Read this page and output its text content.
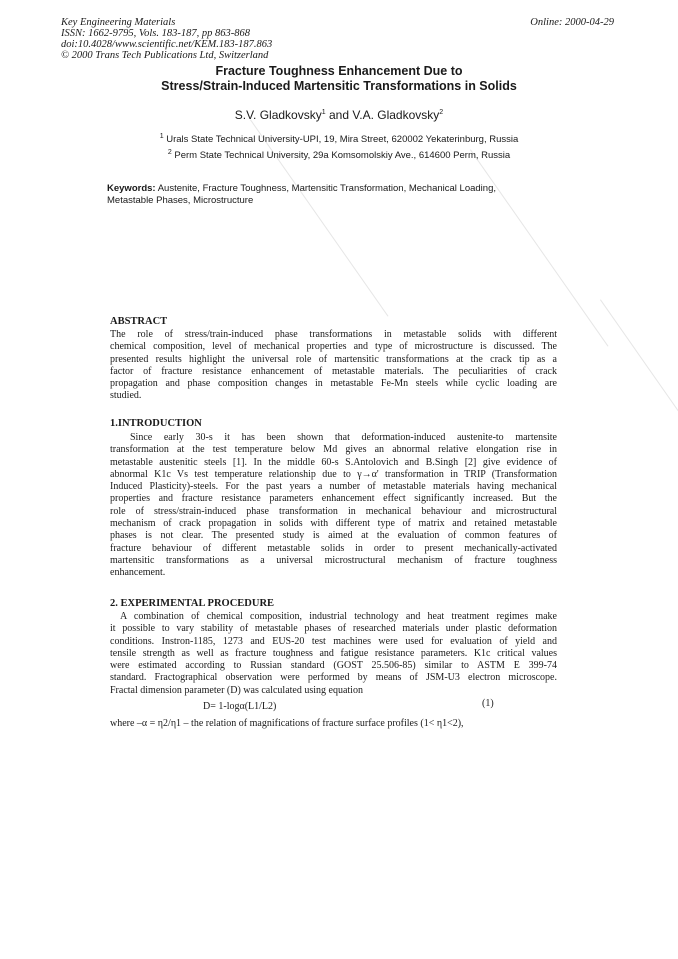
Key Engineering Materials
ISSN: 1662-9795, Vols. 183-187, pp 863-868
doi:10.4028/www.scientific.net/KEM.183-187.863
© 2000 Trans Tech Publications Ltd, Switzerland
Online: 2000-04-29
Fracture Toughness Enhancement Due to
Stress/Strain-Induced Martensitic Transformations in Solids
S.V. Gladkovsky$^1$ and V.A. Gladkovsky$^2$
$^1$ Urals State Technical University-UPI, 19, Mira Street, 620002 Yekaterinburg, Russia
$^2$ Perm State Technical University, 29a Komsomolskiy Ave., 614600 Perm, Russia
Keywords: Austenite, Fracture Toughness, Martensitic Transformation, Mechanical Loading,
Metastable Phases, Microstructure
ABSTRACT
The role of stress/train-induced phase transformations in metastable solids with different
chemical composition, level of mechanical properties and type of microstructure is discussed. The
presented results highlight the universal role of martensitic transformations at the crack tip as a
factor of fracture resistance enhancement of metastable materials. The peculiarities of crack
propagation and phase composition changes in metastable Fe-Mn steels while cyclic loading are
studied.
1.INTRODUCTION
Since early 30-s it has been shown that deformation-induced austenite-to martensite
transformation at the test temperature below Md gives an abnormal relative elongation rise in
metastable austenitic steels [1]. In the middle 60-s S.Antolovich and B.Singh [2] give evidence of
abnormal K1c Vs test temperature relationship due to γ→α' transformation in TRIP (Transformation
Induced Plasticity)-steels. For the past years a number of metastable materials having mechanical
properties and fracture resistance parameters enhancement effect significantly increased. But the
role of stress/strain-induced phase transformation in mechanical behaviour and microstructural
mechanism of crack propagation in solids with different type of matrix and retained metastable
phases is not clear. The presented study is aimed at the evaluation of common features of
fracture behaviour of different metastable solids in order to present mechanically-activated
martensitic transformations as a universal microstructural mechanism of fracture toughness
enhancement.
2. EXPERIMENTAL PROCEDURE
A combination of chemical composition, industrial technology and heat treatment regimes make
it possible to vary stability of metastable phases of researched materials under plastic deformation
conditions. Instron-1185, 1273 and EUS-20 test machines were used for evaluation of yield and
tensile strength as well as fracture toughness and fatigue resistance parameters. K1c critical values
were estimated according to Russian standard (GOST 25.506-85) similar to ASTM E 399-74
standard. Fractographical observation were performed by means of JSM-U3 electron microscope.
Fractal dimension parameter (D) was calculated using equation
D= 1-logα(L1/L2)	(1)
where –α = η2/η1 – the relation of magnifications of fracture surface profiles (1< η1<2),
